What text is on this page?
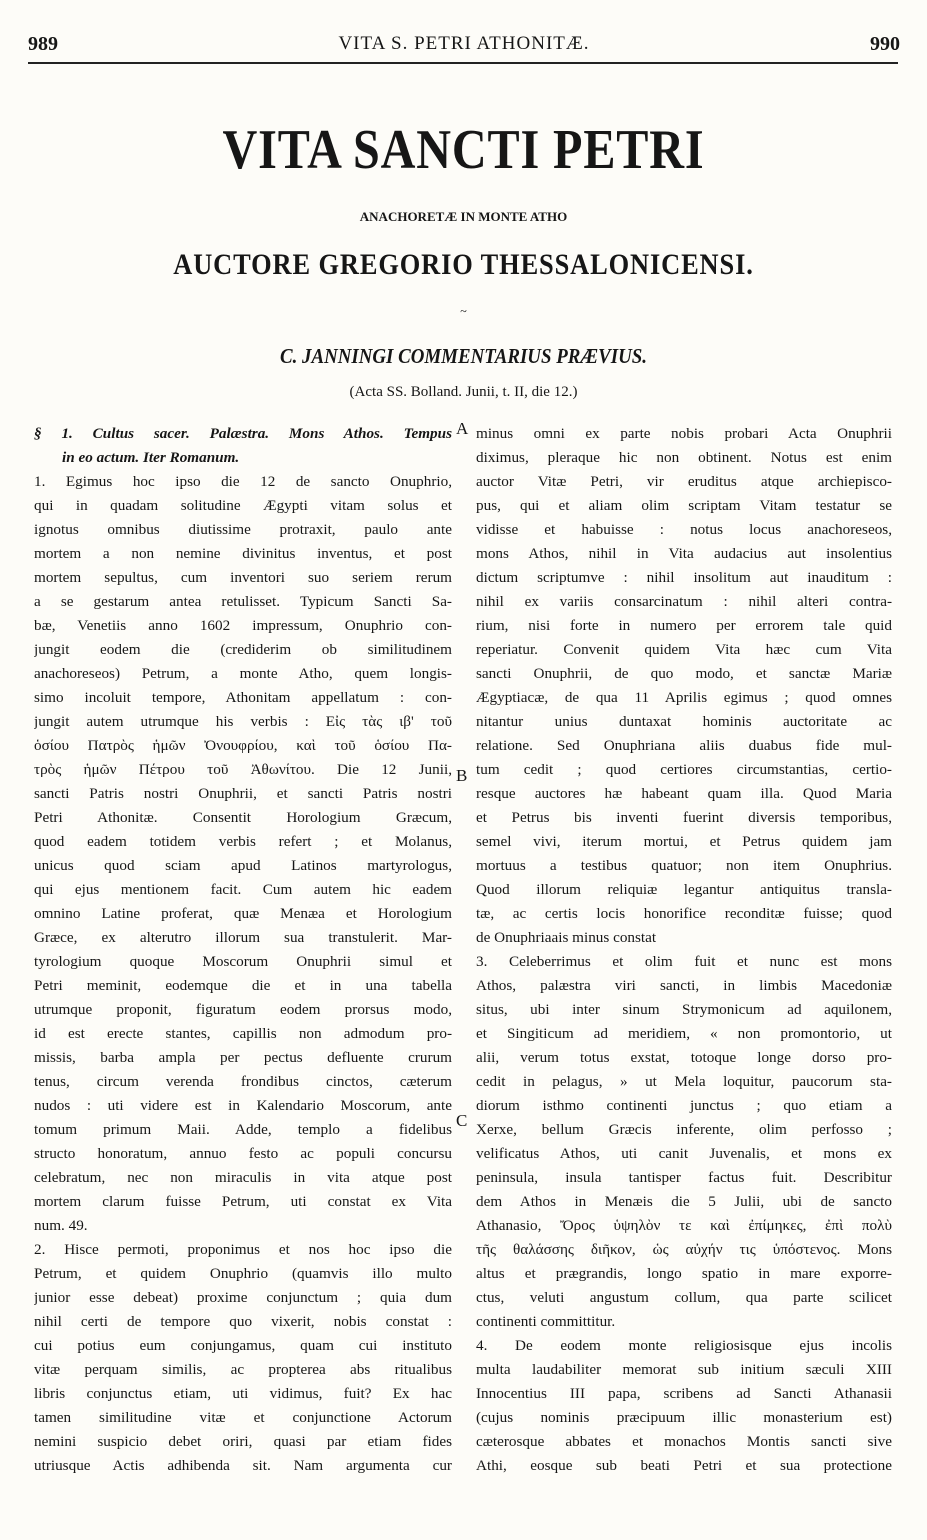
989	VITA S. PETRI ATHONITÆ.	990
VITA SANCTI PETRI
ANACHORETÆ IN MONTE ATHO
AUCTORE GREGORIO THESSALONICENSI.
~
C. JANNINGI COMMENTARIUS PRÆVIUS.
(Acta SS. Bolland. Junii, t. II, die 12.)
A
B
C
§ 1. Cultus sacer. Palæstra. Mons Athos. Tempus
in eo actum. Iter Romanum.
1. Egimus hoc ipso die 12 de sancto Onuphrio,
qui in quadam solitudine Ægypti vitam solus et
ignotus omnibus diutissime protraxit, paulo ante
mortem a non nemine divinitus inventus, et post
mortem sepultus, cum inventori suo seriem rerum
a se gestarum antea retulisset. Typicum Sancti Sa-
bæ, Venetiis anno 1602 impressum, Onuphrio con-
jungit eodem die (crediderim ob similitudinem
anachoreseos) Petrum, a monte Atho, quem longis-
simo incoluit tempore, Athonitam appellatum : con-
jungit autem utrumque his verbis : Εἰς τὰς ιβ' τοῦ
ὁσίου Πατρὸς ἡμῶν Ὀνουφρίου, καὶ τοῦ ὁσίου Πα-
τρὸς ἡμῶν Πέτρου τοῦ Ἀθωνίτου. Die 12 Junii,
sancti Patris nostri Onuphrii, et sancti Patris nostri
Petri Athonitæ. Consentit Horologium Græcum,
quod eadem totidem verbis refert ; et Molanus,
unicus quod sciam apud Latinos martyrologus,
qui ejus mentionem facit. Cum autem hic eadem
omnino Latine proferat, quæ Menæa et Horologium
Græce, ex alterutro illorum sua transtulerit. Mar-
tyrologium quoque Moscorum Onuphrii simul et
Petri meminit, eodemque die et in una tabella
utrumque proponit, figuratum eodem prorsus modo,
id est erecte stantes, capillis non admodum pro-
missis, barba ampla per pectus defluente crurum
tenus, circum verenda frondibus cinctos, cæterum
nudos : uti videre est in Kalendario Moscorum, ante
tomum primum Maii. Adde, templo a fidelibus
structo honoratum, annuo festo ac populi concursu
celebratum, nec non miraculis in vita atque post
mortem clarum fuisse Petrum, uti constat ex Vita
num. 49.
2. Hisce permoti, proponimus et nos hoc ipso die
Petrum, et quidem Onuphrio (quamvis illo multo
junior esse debeat) proxime conjunctum ; quia dum
nihil certi de tempore quo vixerit, nobis constat :
cui potius eum conjungamus, quam cui instituto
vitæ perquam similis, ac propterea abs ritualibus
libris conjunctus etiam, uti vidimus, fuit? Ex hac
tamen similitudine vitæ et conjunctione Actorum
nemini suspicio debet oriri, quasi par etiam fides
utriusque Actis adhibenda sit. Nam argumenta cur
minus omni ex parte nobis probari Acta Onuphrii
diximus, pleraque hic non obtinent. Notus est enim
auctor Vitæ Petri, vir eruditus atque archiepisco-
pus, qui et aliam olim scriptam Vitam testatur se
vidisse et habuisse : notus locus anachoreseos,
mons Athos, nihil in Vita audacius aut insolentius
dictum scriptumve : nihil insolitum aut inauditum :
nihil ex variis consarcinatum : nihil alteri contra-
rium, nisi forte in numero per errorem tale quid
reperiatur. Convenit quidem Vita hæc cum Vita
sancti Onuphrii, de quo modo, et sanctæ Mariæ
Ægyptiacæ, de qua 11 Aprilis egimus ; quod omnes
nitantur unius duntaxat hominis auctoritate ac
relatione. Sed Onuphriana aliis duabus fide mul-
tum cedit ; quod certiores circumstantias, certio-
resque auctores hæ habeant quam illa. Quod Maria
et Petrus bis inventi fuerint diversis temporibus,
semel vivi, iterum mortui, et Petrus quidem jam
mortuus a testibus quatuor; non item Onuphrius.
Quod illorum reliquiæ legantur antiquitus transla-
tæ, ac certis locis honorifice reconditæ fuisse; quod
de Onuphriaais minus constat
3. Celeberrimus et olim fuit et nunc est mons
Athos, palæstra viri sancti, in limbis Macedoniæ
situs, ubi inter sinum Strymonicum ad aquilonem,
et Singiticum ad meridiem, « non promontorio, ut
alii, verum totus exstat, totoque longe dorso pro-
cedit in pelagus, » ut Mela loquitur, paucorum sta-
diorum isthmo continenti junctus ; quo etiam a
Xerxe, bellum Græcis inferente, olim perfosso ;
velificatus Athos, uti canit Juvenalis, et mons ex
peninsula, insula tantisper factus fuit. Describitur
dem Athos in Menæis die 5 Julii, ubi de sancto
Athanasio, Ὄρος ὑψηλὸν τε καὶ ἐπίμηκες, ἐπὶ πολὺ
τῆς θαλάσσης διῆκον, ὡς αὐχήν τις ὑπόστενος. Mons
altus et prægrandis, longo spatio in mare exporre-
ctus, veluti angustum collum, qua parte scilicet
continenti committitur.
4. De eodem monte religiosisque ejus incolis
multa laudabiliter memorat sub initium sæculi XIII
Innocentius III papa, scribens ad Sancti Athanasii
(cujus nominis præcipuum illic monasterium est)
cæterosque abbates et monachos Montis sancti sive
Athi, eosque sub beati Petri et sua protectione
